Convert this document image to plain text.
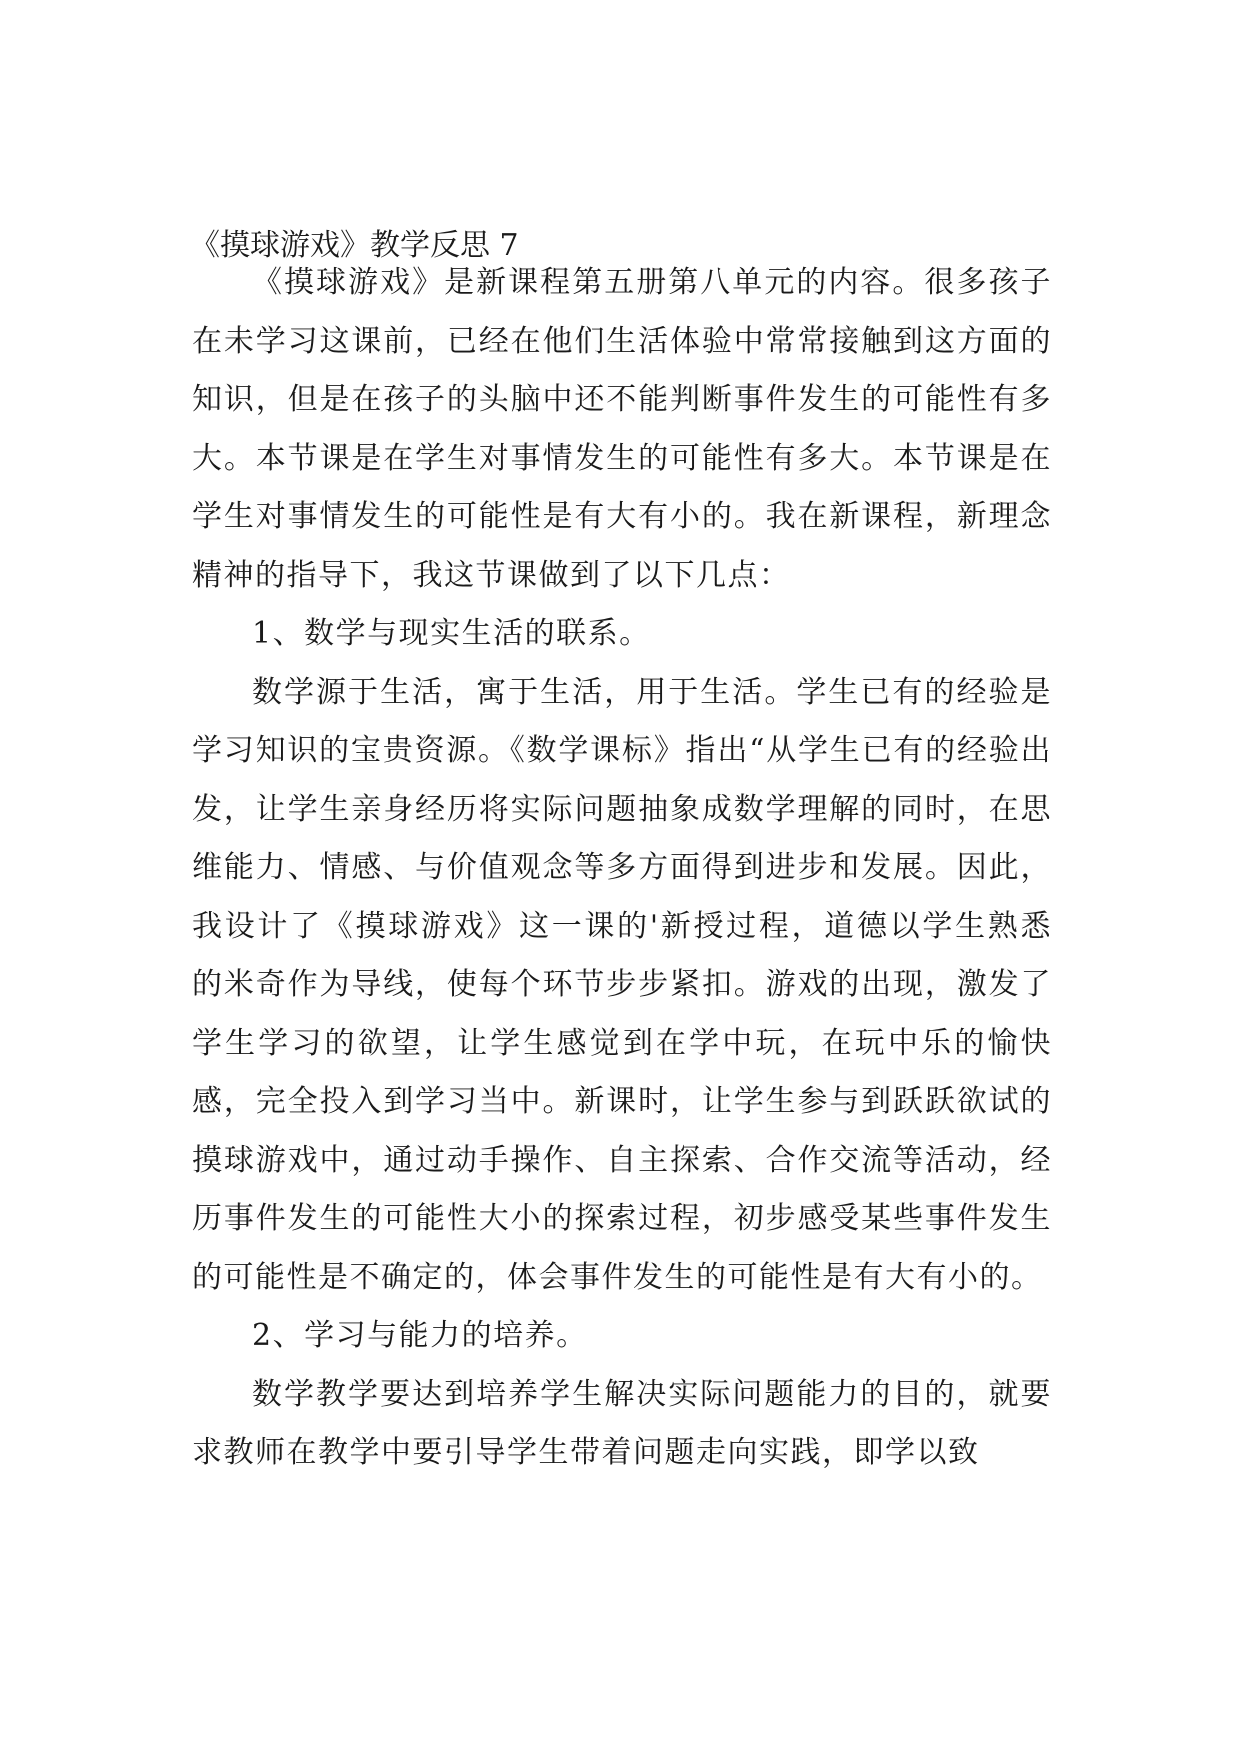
《摸球游戏》教学反思 7

《摸球游戏》是新课程第五册第八单元的内容。很多孩子在未学习这课前，已经在他们生活体验中常常接触到这方面的知识，但是在孩子的头脑中还不能判断事件发生的可能性有多大。本节课是在学生对事情发生的可能性有多大。本节课是在学生对事情发生的可能性是有大有小的。我在新课程，新理念精神的指导下，我这节课做到了以下几点：

1、数学与现实生活的联系。

数学源于生活，寓于生活，用于生活。学生已有的经验是学习知识的宝贵资源。《数学课标》指出“从学生已有的经验出发，让学生亲身经历将实际问题抽象成数学理解的同时，在思维能力、情感、与价值观念等多方面得到进步和发展。因此，我设计了《摸球游戏》这一课的'新授过程，道德以学生熟悉的米奇作为导线，使每个环节步步紧扣。游戏的出现，激发了学生学习的欲望，让学生感觉到在学中玩，在玩中乐的愉快感，完全投入到学习当中。新课时，让学生参与到跃跃欲试的摸球游戏中，通过动手操作、自主探索、合作交流等活动，经历事件发生的可能性大小的探索过程，初步感受某些事件发生的可能性是不确定的，体会事件发生的可能性是有大有小的。

2、学习与能力的培养。

数学教学要达到培养学生解决实际问题能力的目的，就要求教师在教学中要引导学生带着问题走向实践，即学以致
